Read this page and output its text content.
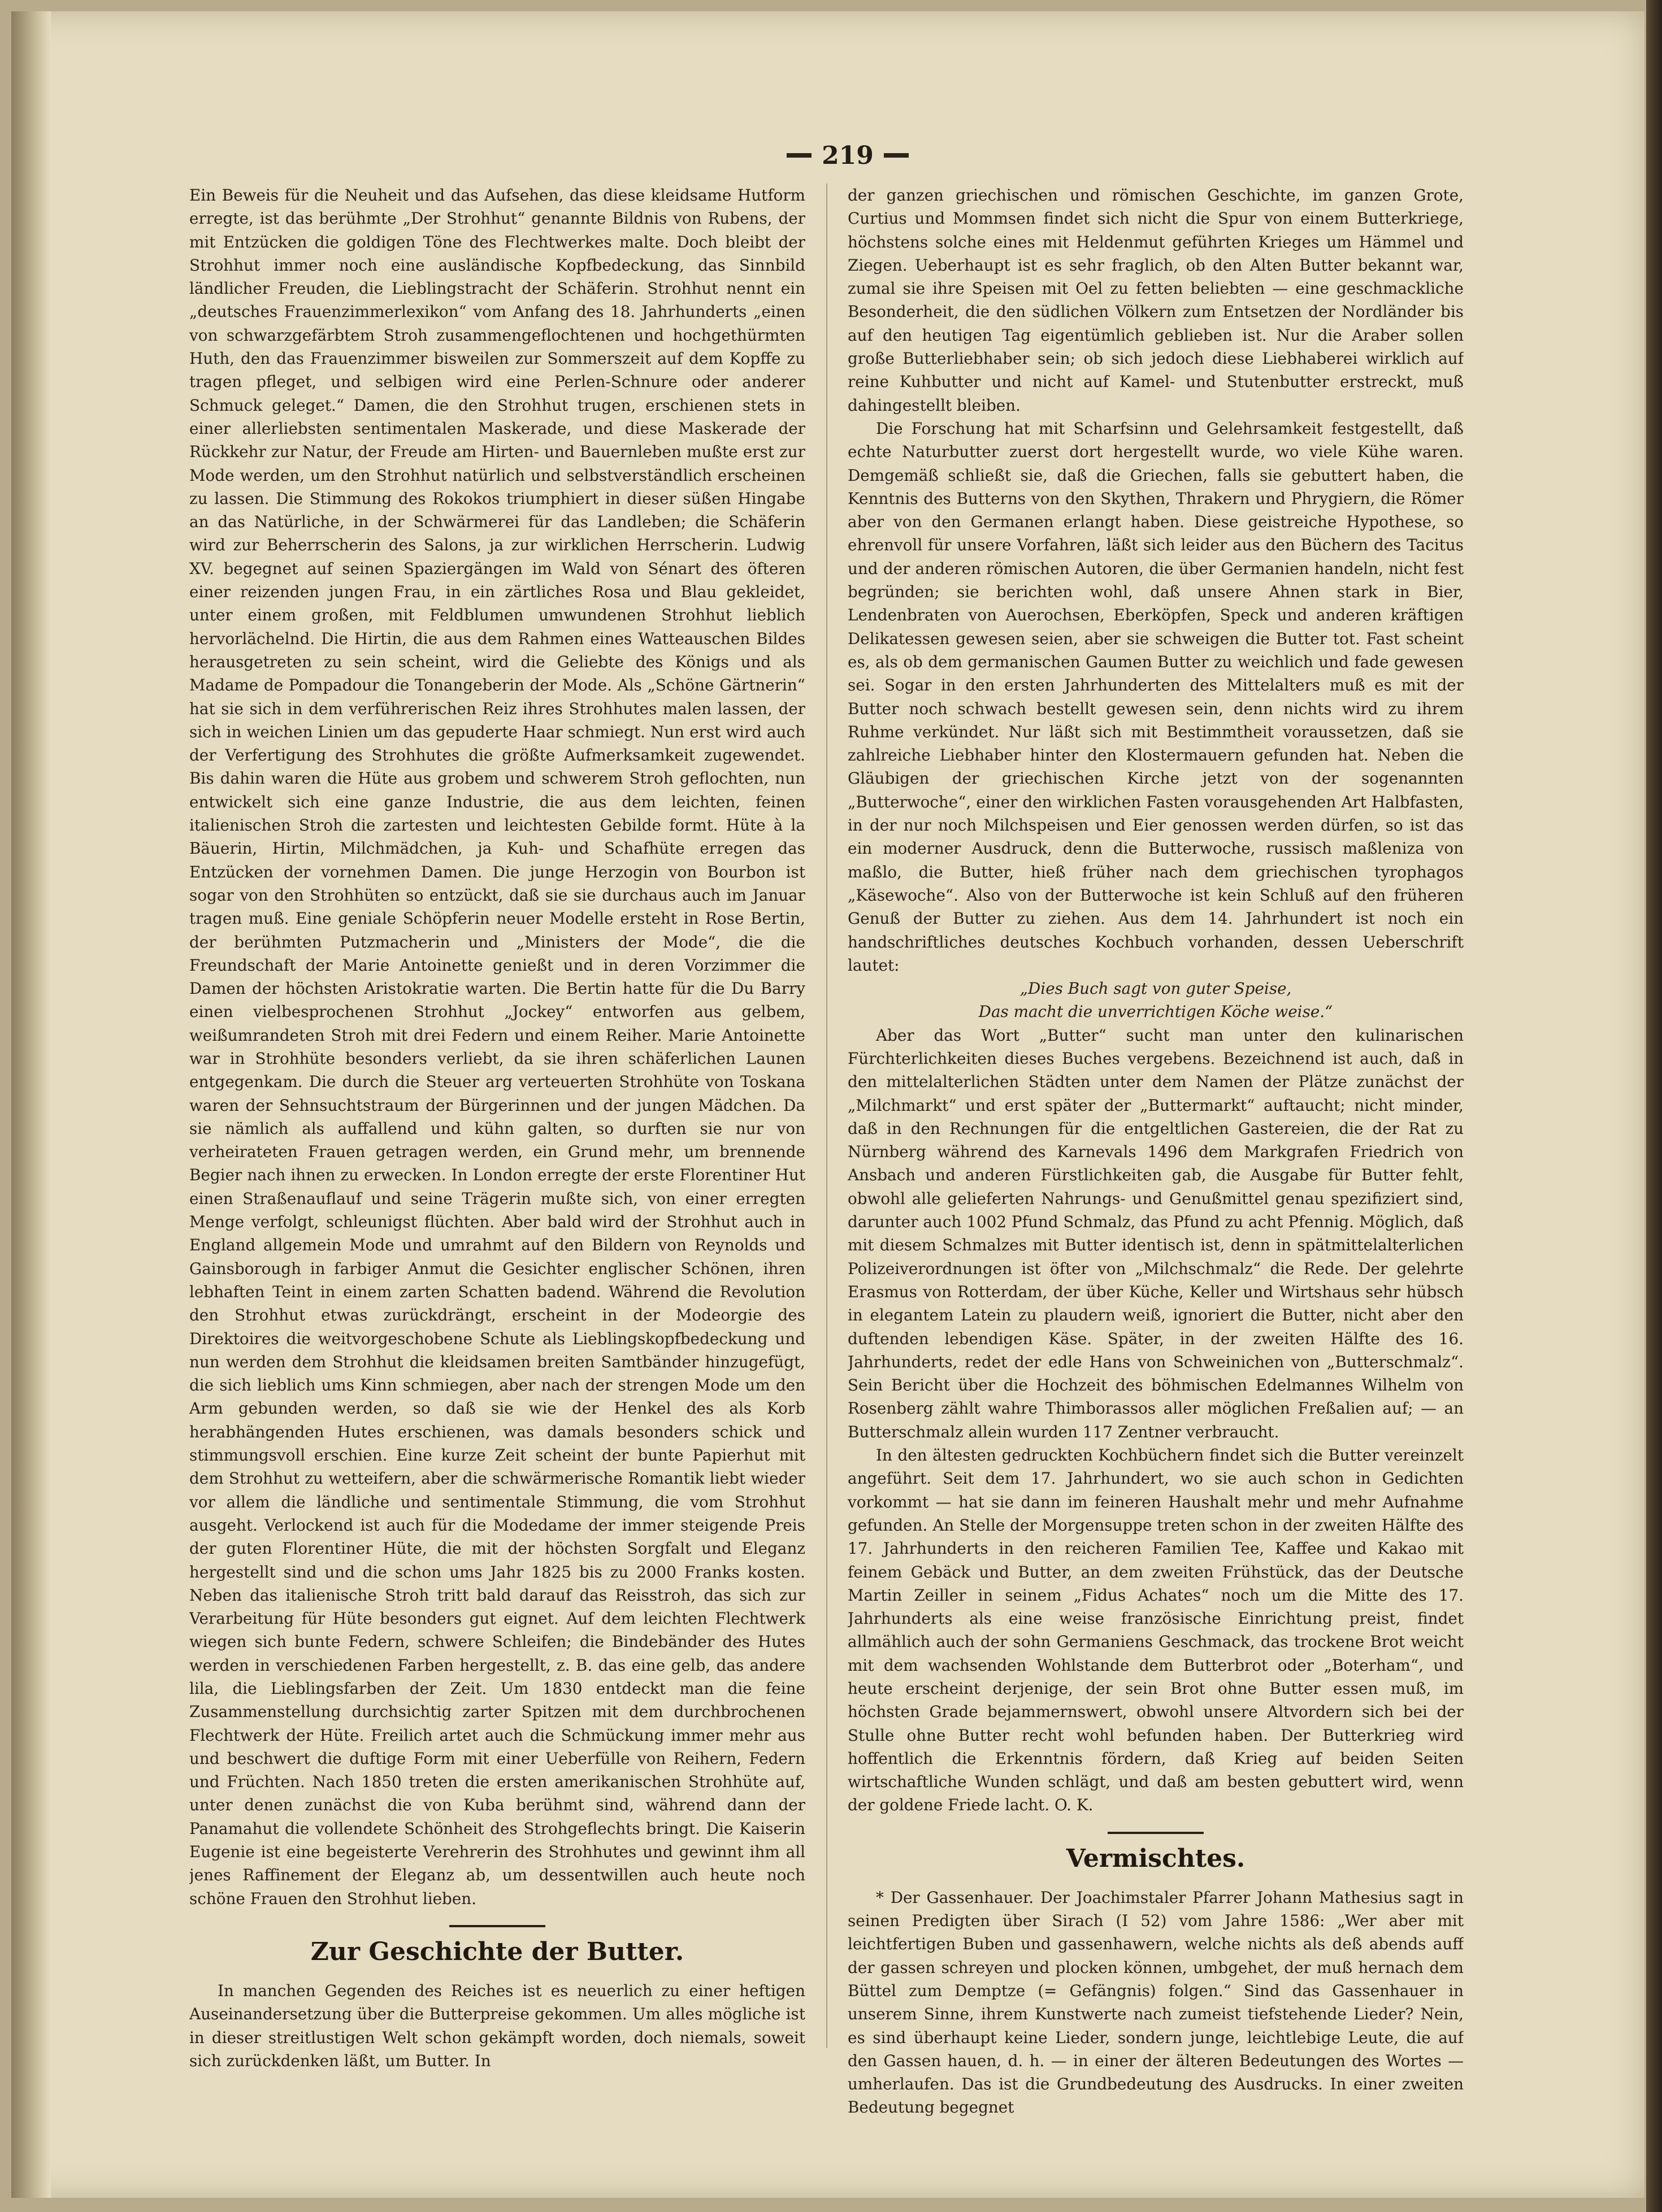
219

Ein Beweis für die Neuheit und das Aufsehen, das diese kleidsame Hutform erregte, ist das berühmte „Der Strohhut“ genannte Bildnis von Rubens, der mit Entzücken die goldigen Töne des Flechtwerkes malte. Doch bleibt der Strohhut immer noch eine ausländische Kopfbedeckung, das Sinnbild ländlicher Freuden, die Lieblingstracht der Schäferin. Strohhut nennt ein „deutsches Frauenzimmerlexikon“ vom Anfang des 18. Jahrhunderts „einen von schwarzgefärbtem Stroh zusammengeflochtenen und hochgethürmten Huth, den das Frauenzimmer bisweilen zur Sommerszeit auf dem Kopffe zu tragen pfleget, und selbigen wird eine Perlen-Schnure oder anderer Schmuck geleget.“ Damen, die den Strohhut trugen, erschienen stets in einer allerliebsten sentimentalen Maskerade, und diese Maskerade der Rückkehr zur Natur, der Freude am Hirten- und Bauernleben mußte erst zur Mode werden, um den Strohhut natürlich und selbstverständlich erscheinen zu lassen. Die Stimmung des Rokokos triumphiert in dieser süßen Hingabe an das Natürliche, in der Schwärmerei für das Landleben; die Schäferin wird zur Beherrscherin des Salons, ja zur wirklichen Herrscherin. Ludwig XV. begegnet auf seinen Spaziergängen im Wald von Sénart des öfteren einer reizenden jungen Frau, in ein zärtliches Rosa und Blau gekleidet, unter einem großen, mit Feldblumen umwundenen Strohhut lieblich hervorlächelnd. Die Hirtin, die aus dem Rahmen eines Watteauschen Bildes herausgetreten zu sein scheint, wird die Geliebte des Königs und als Madame de Pompadour die Tonangeberin der Mode. Als „Schöne Gärtnerin“ hat sie sich in dem verführerischen Reiz ihres Strohhutes malen lassen, der sich in weichen Linien um das gepuderte Haar schmiegt. Nun erst wird auch der Verfertigung des Strohhutes die größte Aufmerksamkeit zugewendet. Bis dahin waren die Hüte aus grobem und schwerem Stroh geflochten, nun entwickelt sich eine ganze Industrie, die aus dem leichten, feinen italienischen Stroh die zartesten und leichtesten Gebilde formt. Hüte à la Bäuerin, Hirtin, Milchmädchen, ja Kuh- und Schafhüte erregen das Entzücken der vornehmen Damen. Die junge Herzogin von Bourbon ist sogar von den Strohhüten so entzückt, daß sie sie durchaus auch im Januar tragen muß. Eine geniale Schöpferin neuer Modelle ersteht in Rose Bertin, der berühmten Putzmacherin und „Ministers der Mode“, die die Freundschaft der Marie Antoinette genießt und in deren Vorzimmer die Damen der höchsten Aristokratie warten. Die Bertin hatte für die Du Barry einen vielbesprochenen Strohhut „Jockey“ entworfen aus gelbem, weißumrandeten Stroh mit drei Federn und einem Reiher. Marie Antoinette war in Strohhüte besonders verliebt, da sie ihren schäferlichen Launen entgegenkam. Die durch die Steuer arg verteuerten Strohhüte von Toskana waren der Sehnsuchtstraum der Bürgerinnen und der jungen Mädchen. Da sie nämlich als auffallend und kühn galten, so durften sie nur von verheirateten Frauen getragen werden, ein Grund mehr, um brennende Begier nach ihnen zu erwecken. In London erregte der erste Florentiner Hut einen Straßenauflauf und seine Trägerin mußte sich, von einer erregten Menge verfolgt, schleunigst flüchten. Aber bald wird der Strohhut auch in England allgemein Mode und umrahmt auf den Bildern von Reynolds und Gainsborough in farbiger Anmut die Gesichter englischer Schönen, ihren lebhaften Teint in einem zarten Schatten badend. Während die Revolution den Strohhut etwas zurückdrängt, erscheint in der Modeorgie des Direktoires die weitvorgeschobene Schute als Lieblingskopfbedeckung und nun werden dem Strohhut die kleidsamen breiten Samtbänder hinzugefügt, die sich lieblich ums Kinn schmiegen, aber nach der strengen Mode um den Arm gebunden werden, so daß sie wie der Henkel des als Korb herabhängenden Hutes erschienen, was damals besonders schick und stimmungsvoll erschien. Eine kurze Zeit scheint der bunte Papierhut mit dem Strohhut zu wetteifern, aber die schwärmerische Romantik liebt wieder vor allem die ländliche und sentimentale Stimmung, die vom Strohhut ausgeht. Verlockend ist auch für die Modedame der immer steigende Preis der guten Florentiner Hüte, die mit der höchsten Sorgfalt und Eleganz hergestellt sind und die schon ums Jahr 1825 bis zu 2000 Franks kosten. Neben das italienische Stroh tritt bald darauf das Reisstroh, das sich zur Verarbeitung für Hüte besonders gut eignet. Auf dem leichten Flechtwerk wiegen sich bunte Federn, schwere Schleifen; die Bindebänder des Hutes werden in verschiedenen Farben hergestellt, z. B. das eine gelb, das andere lila, die Lieblingsfarben der Zeit. Um 1830 entdeckt man die feine Zusammenstellung durchsichtig zarter Spitzen mit dem durchbrochenen Flechtwerk der Hüte. Freilich artet auch die Schmückung immer mehr aus und beschwert die duftige Form mit einer Ueberfülle von Reihern, Federn und Früchten. Nach 1850 treten die ersten amerikanischen Strohhüte auf, unter denen zunächst die von Kuba berühmt sind, während dann der Panamahut die vollendete Schönheit des Strohgeflechts bringt. Die Kaiserin Eugenie ist eine begeisterte Verehrerin des Strohhutes und gewinnt ihm all jenes Raffinement der Eleganz ab, um dessentwillen auch heute noch schöne Frauen den Strohhut lieben.

Zur Geschichte der Butter.

In manchen Gegenden des Reiches ist es neuerlich zu einer heftigen Auseinandersetzung über die Butterpreise gekommen. Um alles mögliche ist in dieser streitlustigen Welt schon gekämpft worden, doch niemals, soweit sich zurückdenken läßt, um Butter. In

der ganzen griechischen und römischen Geschichte, im ganzen Grote, Curtius und Mommsen findet sich nicht die Spur von einem Butterkriege, höchstens solche eines mit Heldenmut geführten Krieges um Hämmel und Ziegen. Ueberhaupt ist es sehr fraglich, ob den Alten Butter bekannt war, zumal sie ihre Speisen mit Oel zu fetten beliebten — eine geschmackliche Besonderheit, die den südlichen Völkern zum Entsetzen der Nordländer bis auf den heutigen Tag eigentümlich geblieben ist. Nur die Araber sollen große Butterliebhaber sein; ob sich jedoch diese Liebhaberei wirklich auf reine Kuhbutter und nicht auf Kamel- und Stutenbutter erstreckt, muß dahingestellt bleiben.

Die Forschung hat mit Scharfsinn und Gelehrsamkeit festgestellt, daß echte Naturbutter zuerst dort hergestellt wurde, wo viele Kühe waren. Demgemäß schließt sie, daß die Griechen, falls sie gebuttert haben, die Kenntnis des Butterns von den Skythen, Thrakern und Phrygiern, die Römer aber von den Germanen erlangt haben. Diese geistreiche Hypothese, so ehrenvoll für unsere Vorfahren, läßt sich leider aus den Büchern des Tacitus und der anderen römischen Autoren, die über Germanien handeln, nicht fest begründen; sie berichten wohl, daß unsere Ahnen stark in Bier, Lendenbraten von Auerochsen, Eberköpfen, Speck und anderen kräftigen Delikatessen gewesen seien, aber sie schweigen die Butter tot. Fast scheint es, als ob dem germanischen Gaumen Butter zu weichlich und fade gewesen sei. Sogar in den ersten Jahrhunderten des Mittelalters muß es mit der Butter noch schwach bestellt gewesen sein, denn nichts wird zu ihrem Ruhme verkündet. Nur läßt sich mit Bestimmtheit voraussetzen, daß sie zahlreiche Liebhaber hinter den Klostermauern gefunden hat. Neben die Gläubigen der griechischen Kirche jetzt von der sogenannten „Butterwoche“, einer den wirklichen Fasten vorausgehenden Art Halbfasten, in der nur noch Milchspeisen und Eier genossen werden dürfen, so ist das ein moderner Ausdruck, denn die Butterwoche, russisch maßleniza von maßlo, die Butter, hieß früher nach dem griechischen tyrophagos „Käsewoche“. Also von der Butterwoche ist kein Schluß auf den früheren Genuß der Butter zu ziehen. Aus dem 14. Jahrhundert ist noch ein handschriftliches deutsches Kochbuch vorhanden, dessen Ueberschrift lautet:

„Dies Buch sagt von guter Speise,

Das macht die unverrichtigen Köche weise.“

Aber das Wort „Butter“ sucht man unter den kulinarischen Fürchterlichkeiten dieses Buches vergebens. Bezeichnend ist auch, daß in den mittelalterlichen Städten unter dem Namen der Plätze zunächst der „Milchmarkt“ und erst später der „Buttermarkt“ auftaucht; nicht minder, daß in den Rechnungen für die entgeltlichen Gastereien, die der Rat zu Nürnberg während des Karnevals 1496 dem Markgrafen Friedrich von Ansbach und anderen Fürstlichkeiten gab, die Ausgabe für Butter fehlt, obwohl alle gelieferten Nahrungs- und Genußmittel genau spezifiziert sind, darunter auch 1002 Pfund Schmalz, das Pfund zu acht Pfennig. Möglich, daß mit diesem Schmalzes mit Butter identisch ist, denn in spätmittelalterlichen Polizeiverordnungen ist öfter von „Milchschmalz“ die Rede. Der gelehrte Erasmus von Rotterdam, der über Küche, Keller und Wirtshaus sehr hübsch in elegantem Latein zu plaudern weiß, ignoriert die Butter, nicht aber den duftenden lebendigen Käse. Später, in der zweiten Hälfte des 16. Jahrhunderts, redet der edle Hans von Schweinichen von „Butterschmalz“. Sein Bericht über die Hochzeit des böhmischen Edelmannes Wilhelm von Rosenberg zählt wahre Thimborassos aller möglichen Freßalien auf; — an Butterschmalz allein wurden 117 Zentner verbraucht.

In den ältesten gedruckten Kochbüchern findet sich die Butter vereinzelt angeführt. Seit dem 17. Jahrhundert, wo sie auch schon in Gedichten vorkommt — hat sie dann im feineren Haushalt mehr und mehr Aufnahme gefunden. An Stelle der Morgensuppe treten schon in der zweiten Hälfte des 17. Jahrhunderts in den reicheren Familien Tee, Kaffee und Kakao mit feinem Gebäck und Butter, an dem zweiten Frühstück, das der Deutsche Martin Zeiller in seinem „Fidus Achates“ noch um die Mitte des 17. Jahrhunderts als eine weise französische Einrichtung preist, findet allmählich auch der sohn Germaniens Geschmack, das trockene Brot weicht mit dem wachsenden Wohlstande dem Butterbrot oder „Boterham“, und heute erscheint derjenige, der sein Brot ohne Butter essen muß, im höchsten Grade bejammernswert, obwohl unsere Altvordern sich bei der Stulle ohne Butter recht wohl befunden haben. Der Butterkrieg wird hoffentlich die Erkenntnis fördern, daß Krieg auf beiden Seiten wirtschaftliche Wunden schlägt, und daß am besten gebuttert wird, wenn der goldene Friede lacht. O. K.

Vermischtes.

* Der Gassenhauer. Der Joachimstaler Pfarrer Johann Mathesius sagt in seinen Predigten über Sirach (I 52) vom Jahre 1586: „Wer aber mit leichtfertigen Buben und gassenhawern, welche nichts als deß abends auff der gassen schreyen und plocken können, umbgehet, der muß hernach dem Büttel zum Demptze (= Gefängnis) folgen.“ Sind das Gassenhauer in unserem Sinne, ihrem Kunstwerte nach zumeist tiefstehende Lieder? Nein, es sind überhaupt keine Lieder, sondern junge, leichtlebige Leute, die auf den Gassen hauen, d. h. — in einer der älteren Bedeutungen des Wortes — umherlaufen. Das ist die Grundbedeutung des Ausdrucks. In einer zweiten Bedeutung begegnet
